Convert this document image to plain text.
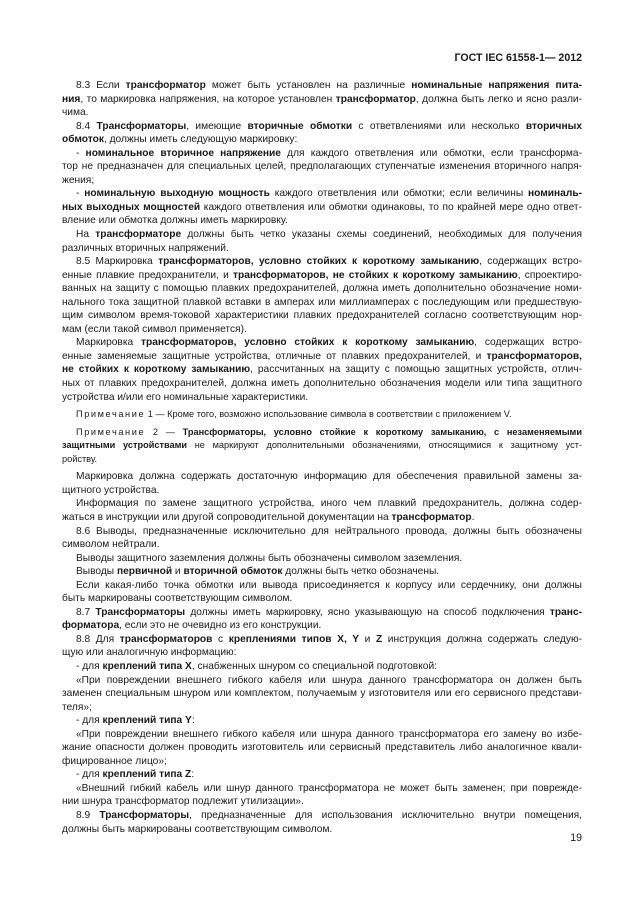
ГОСТ IEC 61558-1— 2012
8.3 Если трансформатор может быть установлен на различные номинальные напряжения пита-
ния, то маркировка напряжения, на которое установлен трансформатор, должна быть легко и ясно разли-
чима.
8.4 Трансформаторы, имеющие вторичные обмотки с ответвлениями или несколько вторичных
обмоток, должны иметь следующую маркировку:
- номинальное вторичное напряжение для каждого ответвления или обмотки, если трансформа-
тор не предназначен для специальных целей, предполагающих ступенчатые изменения вторичного напря-
жения;
- номинальную выходную мощность каждого ответвления или обмотки; если величины номиналь-
ных выходных мощностей каждого ответвления или обмотки одинаковы, то по крайней мере одно ответ-
вление или обмотка должны иметь маркировку.
На трансформаторе должны быть четко указаны схемы соединений, необходимых для получения
различных вторичных напряжений.
8.5 Маркировка трансформаторов, условно стойких к короткому замыканию, содержащих встро-
енные плавкие предохранители, и трансформаторов, не стойких к короткому замыканию, спроектиро-
ванных на защиту с помощью плавких предохранителей, должна иметь дополнительно обозначение номи-
нального тока защитной плавкой вставки в амперах или миллиамперах с последующим или предшествую-
щим символом время-токовой характеристики плавких предохранителей согласно соответствующим нор-
мам (если такой символ применяется).
Маркировка трансформаторов, условно стойких к короткому замыканию, содержащих встро-
енные заменяемые защитные устройства, отличные от плавких предохранителей, и трансформаторов,
не стойких к короткому замыканию, рассчитанных на защиту с помощью защитных устройств, отлич-
ных от плавких предохранителей, должна иметь дополнительно обозначения модели или типа защитного
устройства и/или его номинальные характеристики.
Примечание 1 — Кроме того, возможно использование символа в соответствии с приложением V.
Примечание 2 — Трансформаторы, условно стойкие к короткому замыканию, с незаменяемыми
защитными устройствами не маркируют дополнительными обозначениями, относящимися к защитному уст-
ройству.
Маркировка должна содержать достаточную информацию для обеспечения правильной замены за-
щитного устройства.
Информация по замене защитного устройства, иного чем плавкий предохранитель, должна содер-
жаться в инструкции или другой сопроводительной документации на трансформатор.
8.6 Выводы, предназначенные исключительно для нейтрального провода, должны быть обозначены
символом нейтрали.
Выводы защитного заземления должны быть обозначены символом заземления.
Выводы первичной и вторичной обмоток должны быть четко обозначены.
Если какая-либо точка обмотки или вывода присоединяется к корпусу или сердечнику, они должны
быть маркированы соответствующим символом.
8.7 Трансформаторы должны иметь маркировку, ясно указывающую на способ подключения транс-
форматора, если это не очевидно из его конструкции.
8.8 Для трансформаторов с креплениями типов X, Y и Z инструкция должна содержать следую-
щую или аналогичную информацию:
- для креплений типа X, снабженных шнуром со специальной подготовкой:
«При повреждении внешнего гибкого кабеля или шнура данного трансформатора он должен быть
заменен специальным шнуром или комплектом, получаемым у изготовителя или его сервисного представи-
теля»;
- для креплений типа Y:
«При повреждении внешнего гибкого кабеля или шнура данного трансформатора его замену во избе-
жание опасности должен проводить изготовитель или сервисный представитель либо аналогичное квали-
фицированное лицо»;
- для креплений типа Z:
«Внешний гибкий кабель или шнур данного трансформатора не может быть заменен; при поврежде-
нии шнура трансформатор подлежит утилизации».
8.9 Трансформаторы, предназначенные для использования исключительно внутри помещения,
должны быть маркированы соответствующим символом.
19
